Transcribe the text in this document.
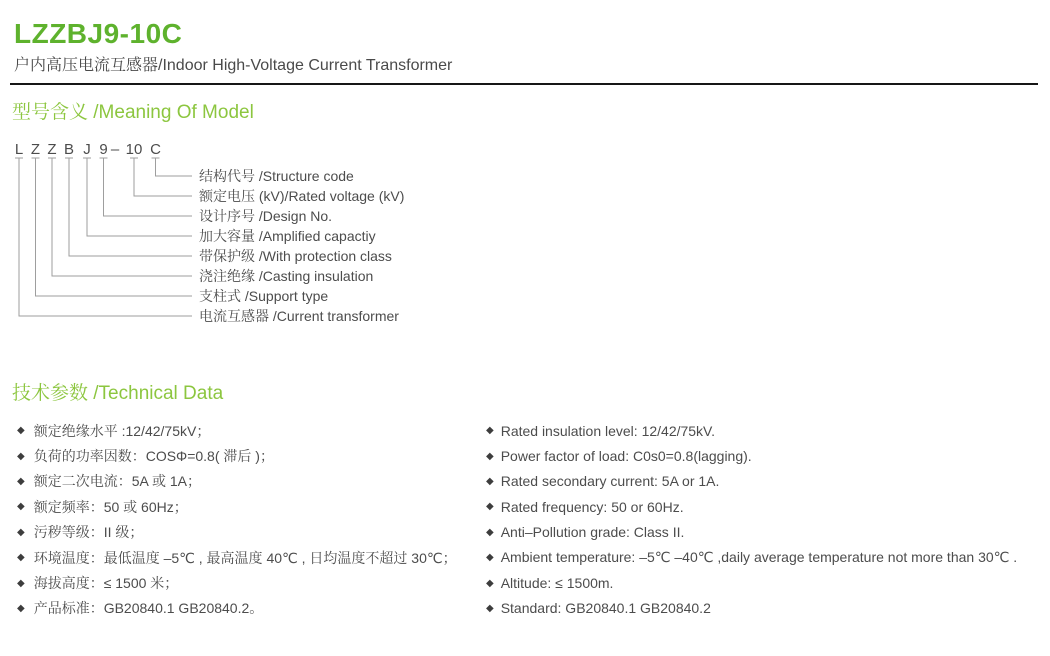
LZZBJ9-10C
户内高压电流互感器/Indoor High-Voltage Current Transformer
型号含义 /Meaning Of Model
L Z Z B J 9 – 10 C
结构代号 /Structure code
额定电压 (kV)/Rated voltage (kV)
设计序号 /Design No.
加大容量 /Amplified capactiy
带保护级 /With protection class
浇注绝缘 /Casting insulation
支柱式 /Support type
电流互感器 /Current transformer
技术参数 /Technical Data
◆ 额定绝缘水平 :12/42/75kV；
◆ 负荷的功率因数：COSΦ=0.8( 滞后 )；
◆ 额定二次电流：5A 或 1A；
◆ 额定频率：50 或 60Hz；
◆ 污秽等级：II 级；
◆ 环境温度：最低温度 –5℃ , 最高温度 40℃ , 日均温度不超过 30℃；
◆ 海拔高度：≤ 1500 米；
◆ 产品标准：GB20840.1 GB20840.2。
◆ Rated insulation level: 12/42/75kV.
◆ Power factor of load: C0s0=0.8(lagging).
◆ Rated secondary current: 5A or 1A.
◆ Rated frequency: 50 or 60Hz.
◆ Anti–Pollution grade: Class II.
◆ Ambient temperature: –5℃ –40℃ ,daily average temperature not more than 30℃ .
◆ Altitude: ≤ 1500m.
◆ Standard: GB20840.1 GB20840.2
